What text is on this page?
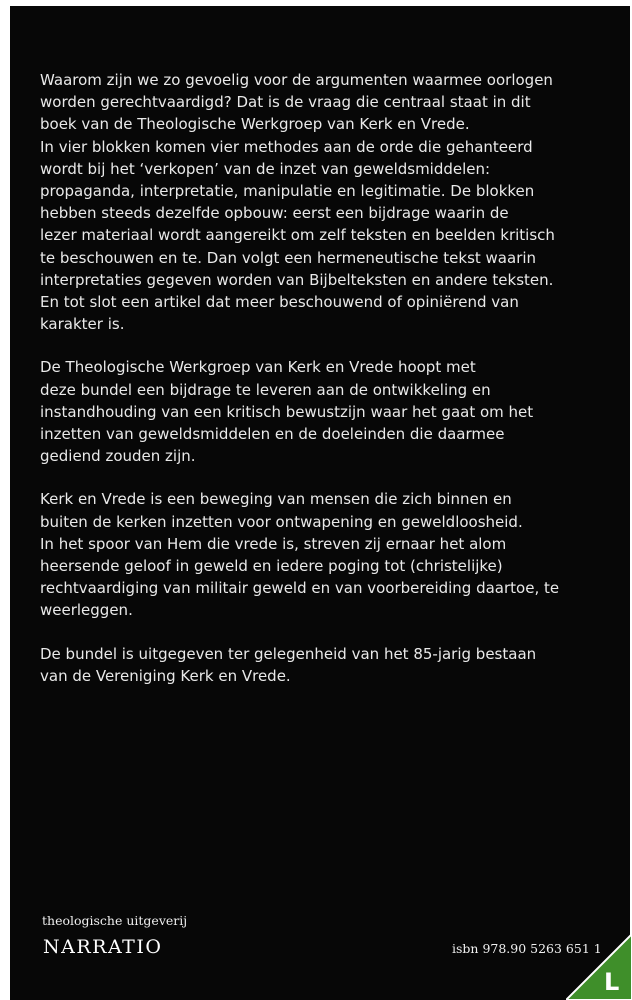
Waarom zijn we zo gevoelig voor de argumenten waarmee oorlogen
worden gerechtvaardigd? Dat is de vraag die centraal staat in dit
boek van de Theologische Werkgroep van Kerk en Vrede.
In vier blokken komen vier methodes aan de orde die gehanteerd
wordt bij het ‘verkopen’ van de inzet van geweldsmiddelen:
propaganda, interpretatie, manipulatie en legitimatie. De blokken
hebben steeds dezelfde opbouw: eerst een bijdrage waarin de
lezer materiaal wordt aangereikt om zelf teksten en beelden kritisch
te beschouwen en te. Dan volgt een hermeneutische tekst waarin
interpretaties gegeven worden van Bijbelteksten en andere teksten.
En tot slot een artikel dat meer beschouwend of opiniërend van
karakter is.

De Theologische Werkgroep van Kerk en Vrede hoopt met
deze bundel een bijdrage te leveren aan de ontwikkeling en
instandhouding van een kritisch bewustzijn waar het gaat om het
inzetten van geweldsmiddelen en de doeleinden die daarmee
gediend zouden zijn.

Kerk en Vrede is een beweging van mensen die zich binnen en
buiten de kerken inzetten voor ontwapening en geweldloosheid.
In het spoor van Hem die vrede is, streven zij ernaar het alom
heersende geloof in geweld en iedere poging tot (christelijke)
rechtvaardiging van militair geweld en van voorbereiding daartoe, te
weerleggen.

De bundel is uitgegeven ter gelegenheid van het 85-jarig bestaan
van de Vereniging Kerk en Vrede.

theologische uitgeverij
NARRATIO	isbn 978.90 5263 651 1
L
